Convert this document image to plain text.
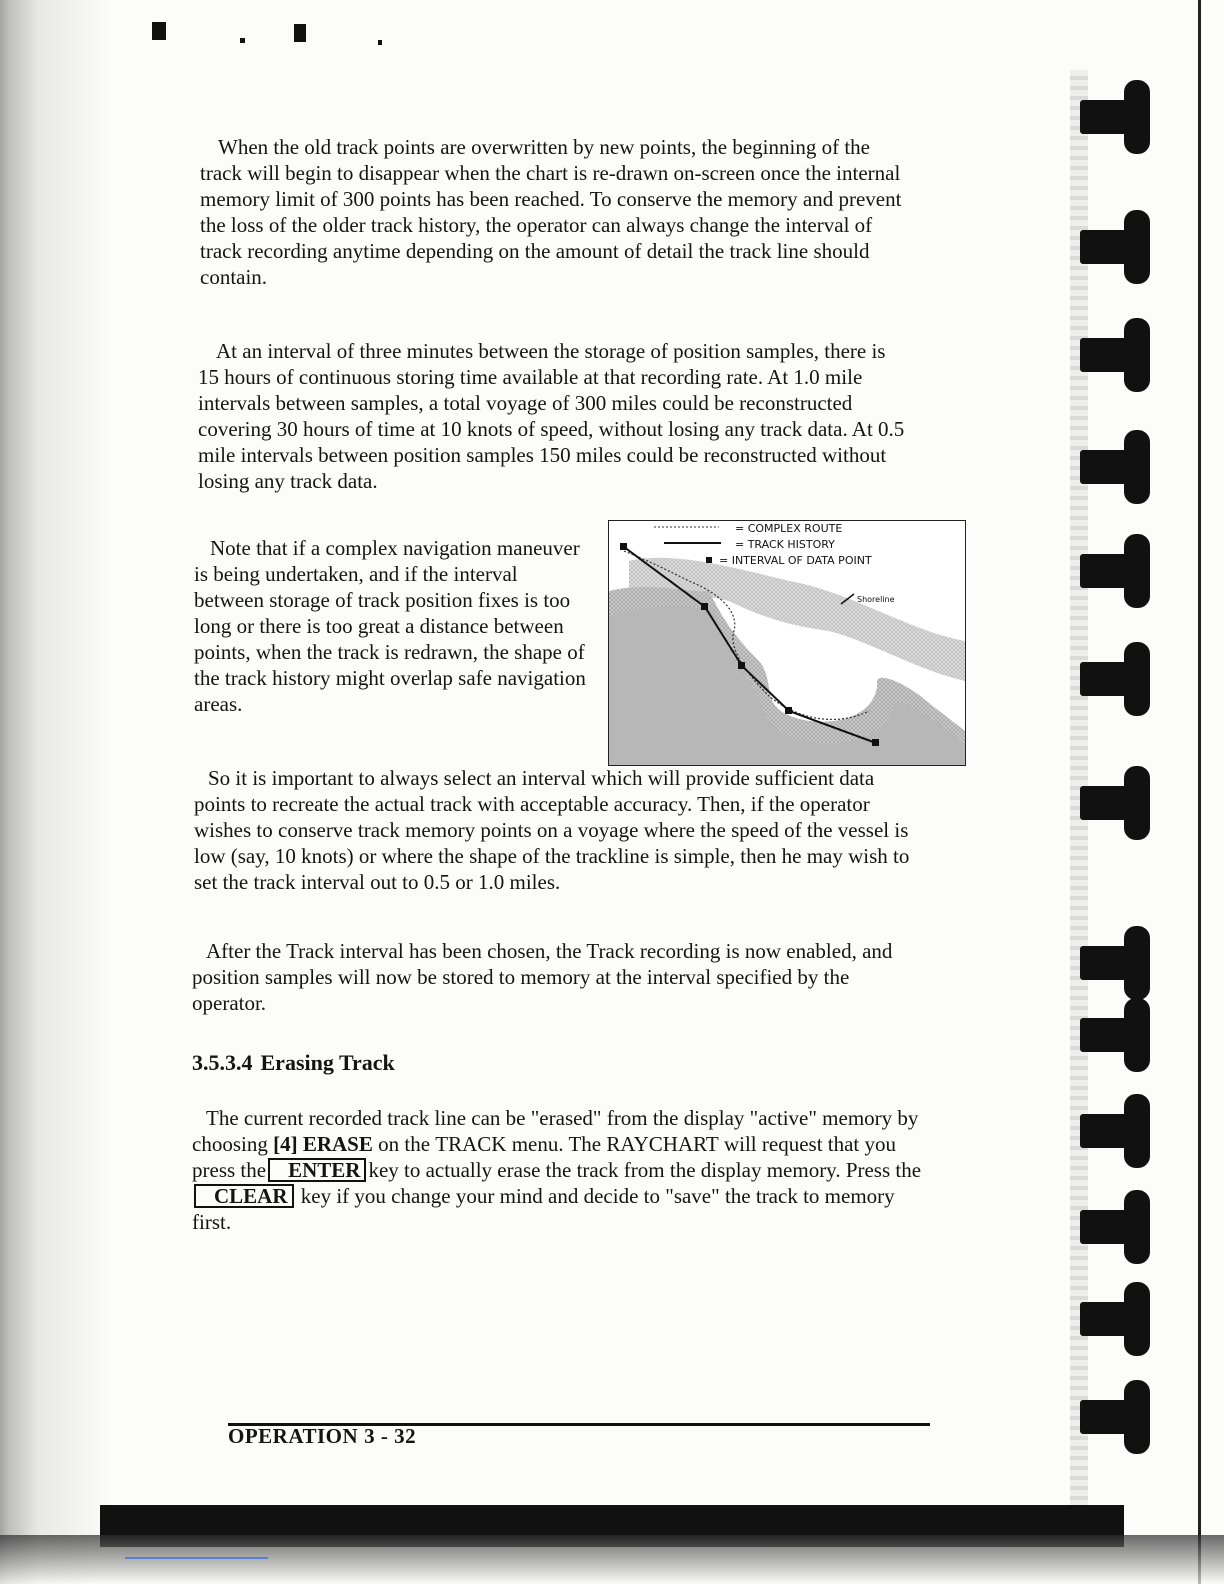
When the old track points are overwritten by new points, the beginning of the track will begin to disappear when the chart is re-drawn on-screen once the internal memory limit of 300 points has been reached. To conserve the memory and prevent the loss of the older track history, the operator can always change the interval of track recording anytime depending on the amount of detail the track line should contain.

At an interval of three minutes between the storage of position samples, there is 15 hours of continuous storing time available at that recording rate. At 1.0 mile intervals between samples, a total voyage of 300 miles could be reconstructed covering 30 hours of time at 10 knots of speed, without losing any track data. At 0.5 mile intervals between position samples 150 miles could be reconstructed without losing any track data.

Note that if a complex navigation maneuver is being undertaken, and if the interval between storage of track position fixes is too long or there is too great a distance between points, when the track is redrawn, the shape of the track history might overlap safe navigation areas.

= COMPLEX ROUTE
= TRACK HISTORY
= INTERVAL OF DATA POINT
Shoreline

So it is important to always select an interval which will provide sufficient data points to recreate the actual track with acceptable accuracy. Then, if the operator wishes to conserve track memory points on a voyage where the speed of the vessel is low (say, 10 knots) or where the shape of the trackline is simple, then he may wish to set the track interval out to 0.5 or 1.0 miles.

After the Track interval has been chosen, the Track recording is now enabled, and position samples will now be stored to memory at the interval specified by the operator.

3.5.3.4 Erasing Track

The current recorded track line can be "erased" from the display "active" memory by choosing [4] ERASE on the TRACK menu. The RAYCHART will request that you press the ENTER key to actually erase the track from the display memory. Press theCLEAR key if you change your mind and decide to "save" the track to memory first.

OPERATION 3 - 32
